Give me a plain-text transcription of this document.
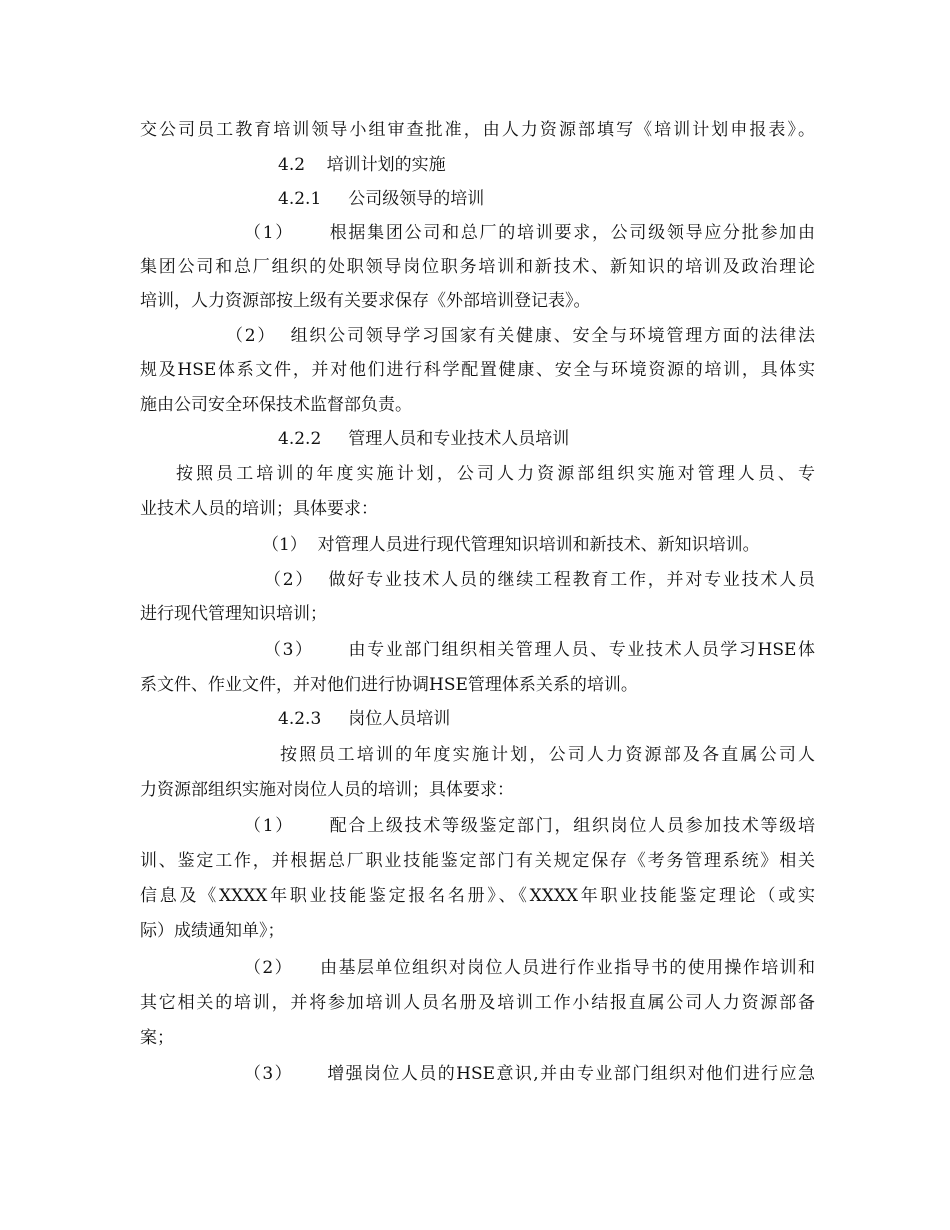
交公司员工教育培训领导小组审查批准，由人力资源部填写《培训计划申报表》。

4.2    培训计划的实施

4.2.1     公司级领导的培训

（1）     根据集团公司和总厂的培训要求，公司级领导应分批参加由

集团公司和总厂组织的处职领导岗位职务培训和新技术、新知识的培训及政治理论

培训，人力资源部按上级有关要求保存《外部培训登记表》。

（2）  组织公司领导学习国家有关健康、安全与环境管理方面的法律法

规及HSE体系文件，并对他们进行科学配置健康、安全与环境资源的培训，具体实

施由公司安全环保技术监督部负责。

4.2.2     管理人员和专业技术人员培训

按照员工培训的年度实施计划，公司人力资源部组织实施对管理人员、专

业技术人员的培训；具体要求：

（1）  对管理人员进行现代管理知识培训和新技术、新知识培训。

（2）  做好专业技术人员的继续工程教育工作，并对专业技术人员

进行现代管理知识培训；

（3）     由专业部门组织相关管理人员、专业技术人员学习HSE体

系文件、作业文件，并对他们进行协调HSE管理体系关系的培训。

4.2.3     岗位人员培训

按照员工培训的年度实施计划，公司人力资源部及各直属公司人

力资源部组织实施对岗位人员的培训；具体要求：

（1）     配合上级技术等级鉴定部门，组织岗位人员参加技术等级培

训、鉴定工作，并根据总厂职业技能鉴定部门有关规定保存《考务管理系统》相关

信息及《XXXX年职业技能鉴定报名名册》、《XXXX年职业技能鉴定理论（或实

际）成绩通知单》；

（2）    由基层单位组织对岗位人员进行作业指导书的使用操作培训和

其它相关的培训，并将参加培训人员名册及培训工作小结报直属公司人力资源部备

案；

（3）     增强岗位人员的HSE意识,并由专业部门组织对他们进行应急
